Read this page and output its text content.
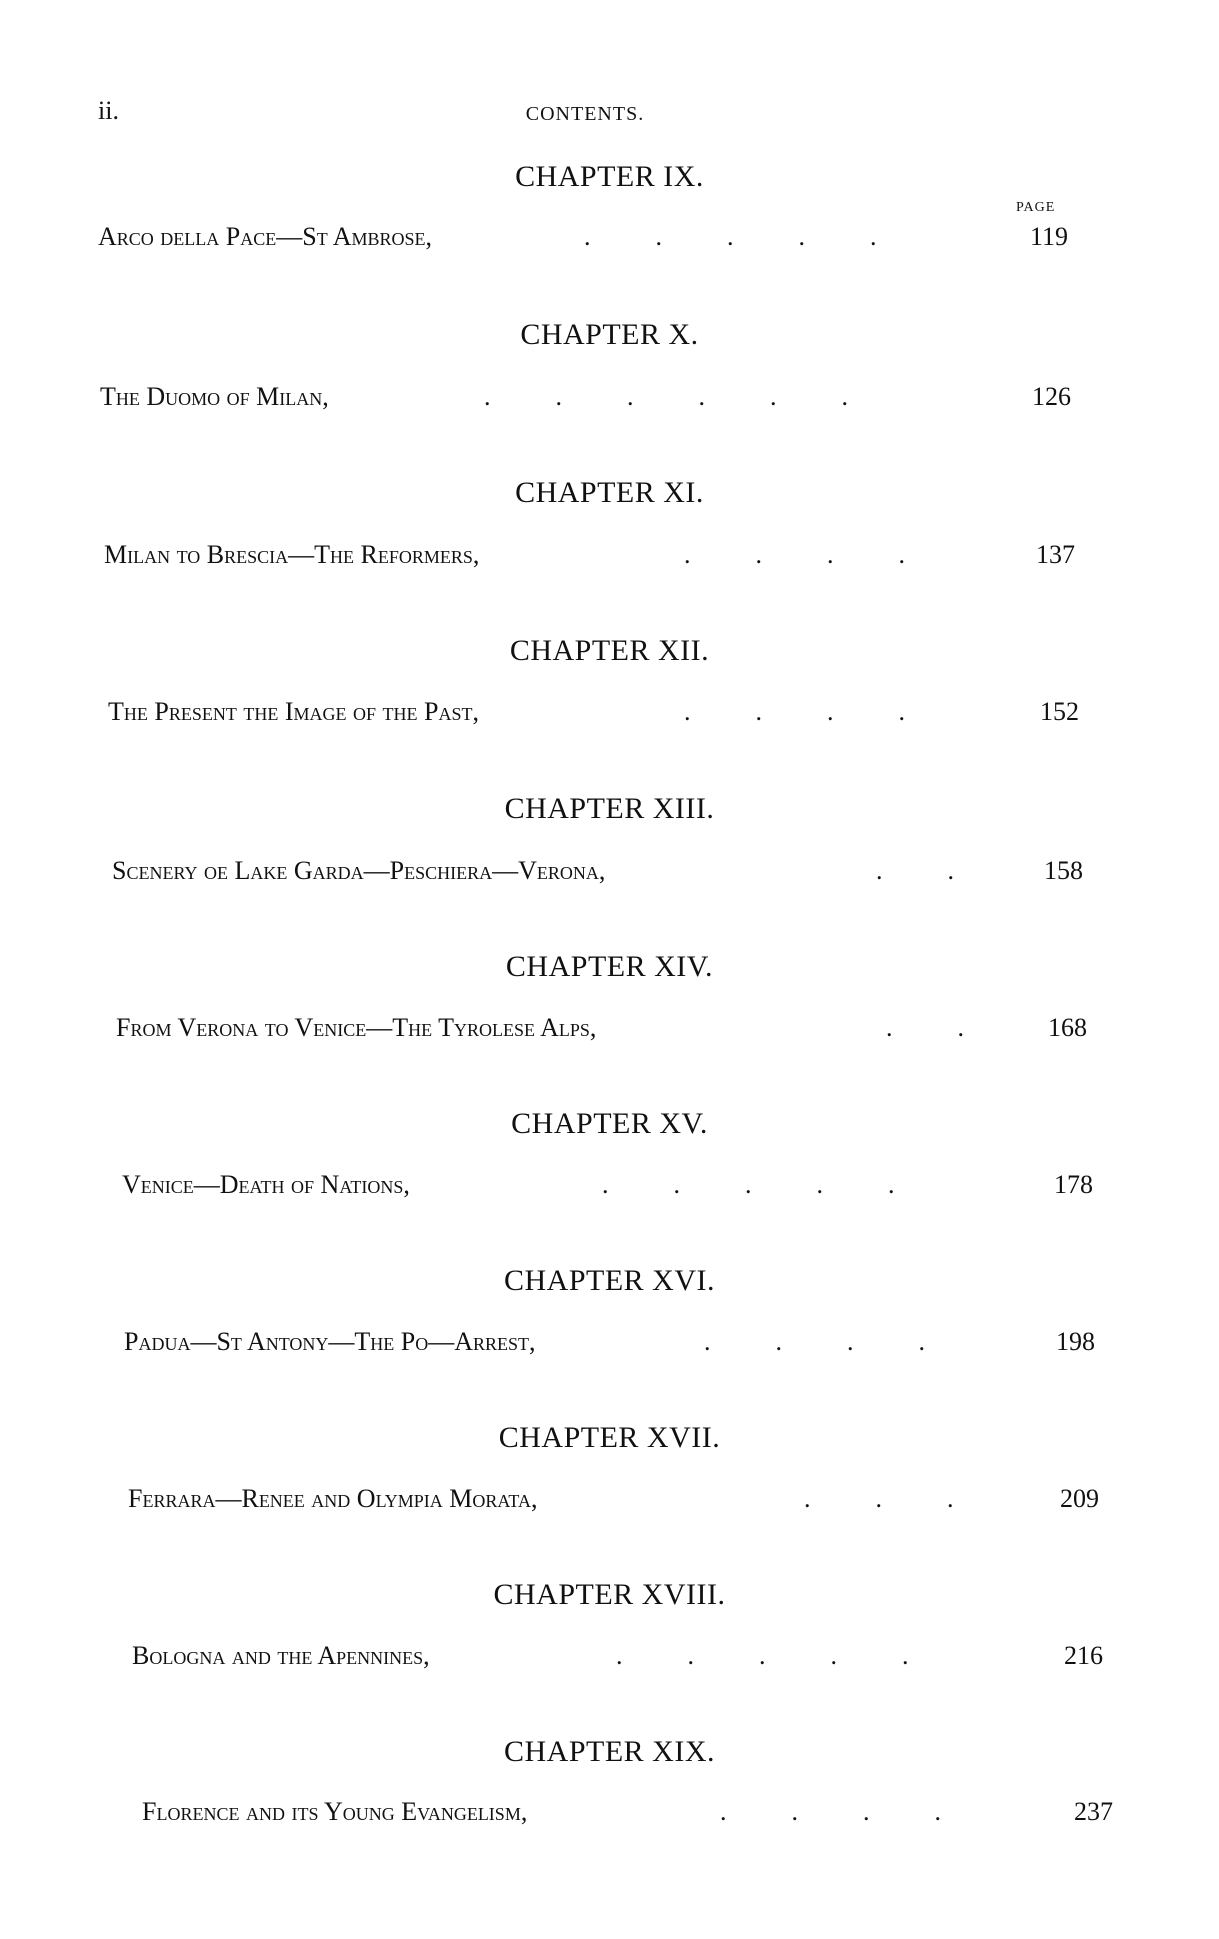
ii.	CONTENTS.
PAGE
CHAPTER IX.
Arco della Pace—St Ambrose,	.          .          .          .          .	119
CHAPTER X.
The Duomo of Milan,	.          .          .          .          .          .	126
CHAPTER XI.
Milan to Brescia—The Reformers,	.          .          .          .	137
CHAPTER XII.
The Present the Image of the Past,	.          .          .          .	152
CHAPTER XIII.
Scenery oe Lake Garda—Peschiera—Verona,	.          .	158
CHAPTER XIV.
From Verona to Venice—The Tyrolese Alps,	.          .	168
CHAPTER XV.
Venice—Death of Nations,	.          .          .          .          .	178
CHAPTER XVI.
Padua—St Antony—The Po—Arrest,	.          .          .          .	198
CHAPTER XVII.
Ferrara—Renee and Olympia Morata,	.          .          .	209
CHAPTER XVIII.
Bologna and the Apennines,	.          .          .          .          .	216
CHAPTER XIX.
Florence and its Young Evangelism,	.          .          .          .	237
